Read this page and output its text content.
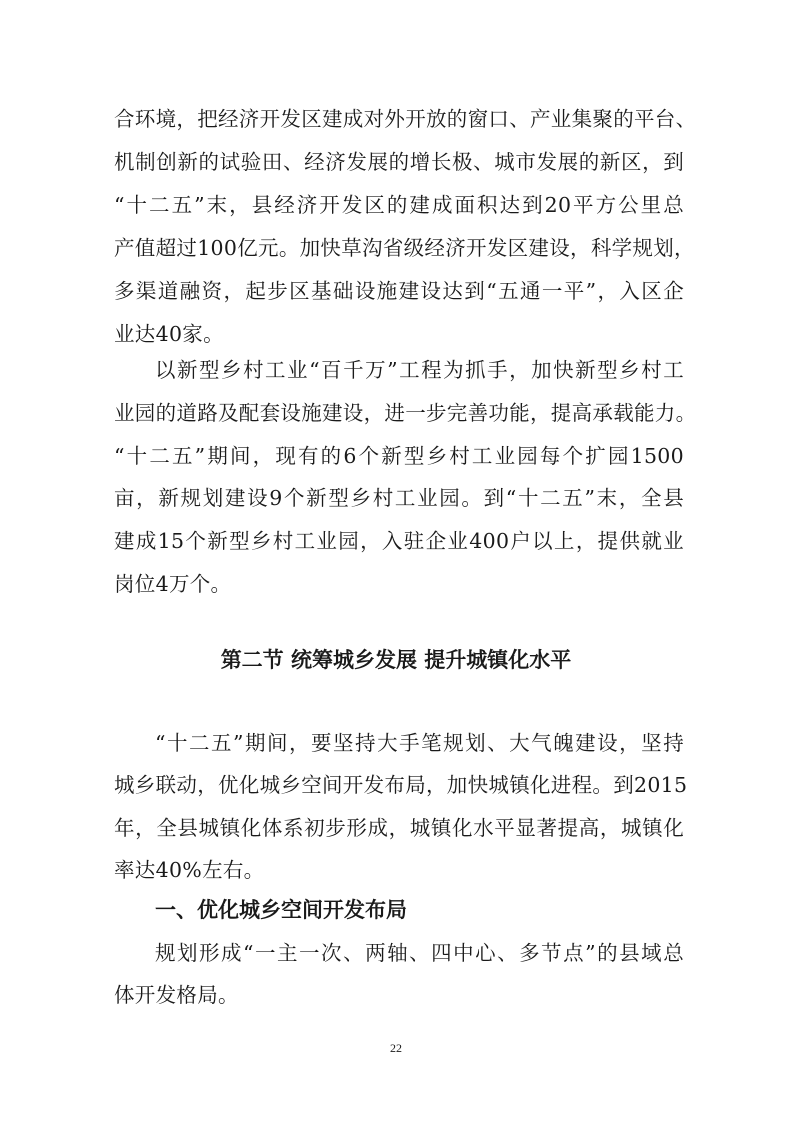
合环境，把经济开发区建成对外开放的窗口、产业集聚的平台、
机制创新的试验田、经济发展的增长极、城市发展的新区，到
“十二五”末，县经济开发区的建成面积达到20平方公里总
产值超过100亿元。加快草沟省级经济开发区建设，科学规划，
多渠道融资，起步区基础设施建设达到“五通一平”，入区企
业达40家。
以新型乡村工业“百千万”工程为抓手，加快新型乡村工
业园的道路及配套设施建设，进一步完善功能，提高承载能力。
“十二五”期间，现有的6个新型乡村工业园每个扩园1500
亩，新规划建设9个新型乡村工业园。到“十二五”末，全县
建成15个新型乡村工业园，入驻企业400户以上，提供就业
岗位4万个。
第二节 统筹城乡发展 提升城镇化水平
“十二五”期间，要坚持大手笔规划、大气魄建设，坚持
城乡联动，优化城乡空间开发布局，加快城镇化进程。到2015
年，全县城镇化体系初步形成，城镇化水平显著提高，城镇化
率达40%左右。
一、优化城乡空间开发布局
规划形成“一主一次、两轴、四中心、多节点”的县域总
体开发格局。
22
